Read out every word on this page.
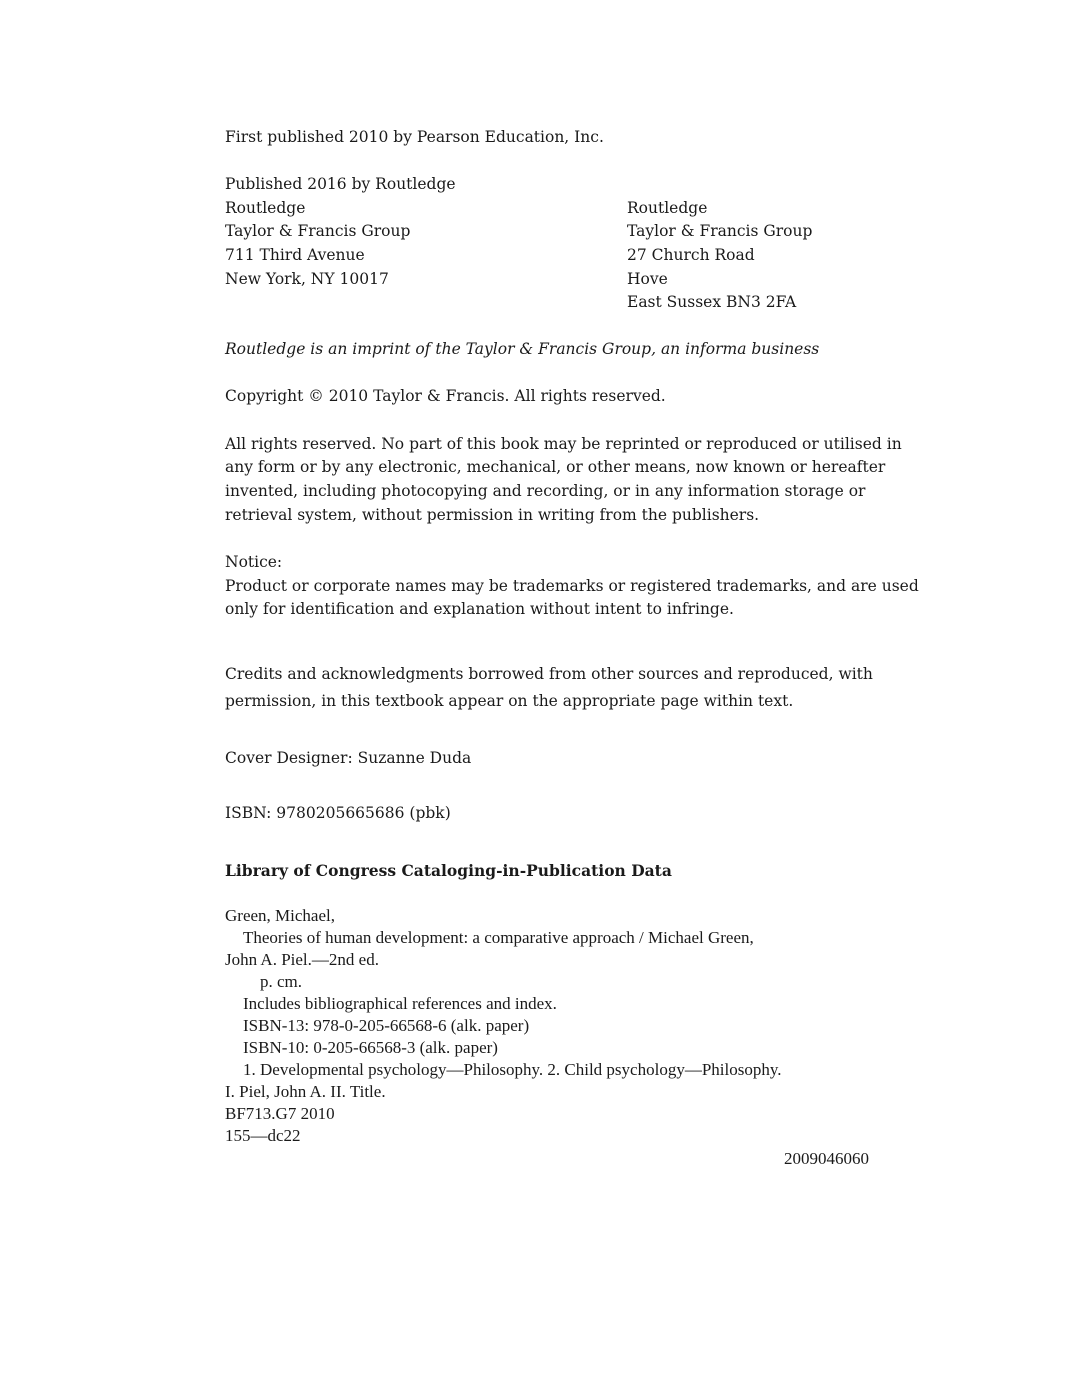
First published 2010 by Pearson Education, Inc.
Published 2016 by Routledge
Routledge
Taylor & Francis Group
711 Third Avenue
New York, NY 10017
Routledge
Taylor & Francis Group
27 Church Road
Hove
East Sussex BN3 2FA
Routledge is an imprint of the Taylor & Francis Group, an informa business
Copyright © 2010 Taylor & Francis. All rights reserved.
All rights reserved. No part of this book may be reprinted or reproduced or utilised in
any form or by any electronic, mechanical, or other means, now known or hereafter
invented, including photocopying and recording, or in any information storage or
retrieval system, without permission in writing from the publishers.
Notice:
Product or corporate names may be trademarks or registered trademarks, and are used
only for identification and explanation without intent to infringe.
Credits and acknowledgments borrowed from other sources and reproduced, with
permission, in this textbook appear on the appropriate page within text.
Cover Designer: Suzanne Duda
ISBN: 9780205665686 (pbk)
Library of Congress Cataloging-in-Publication Data
Green, Michael,
Theories of human development: a comparative approach / Michael Green,
John A. Piel.—2nd ed.
p. cm.
Includes bibliographical references and index.
ISBN-13: 978-0-205-66568-6 (alk. paper)
ISBN-10: 0-205-66568-3 (alk. paper)
1. Developmental psychology—Philosophy. 2. Child psychology—Philosophy.
I. Piel, John A. II. Title.
BF713.G7 2010
155—dc22
2009046060
